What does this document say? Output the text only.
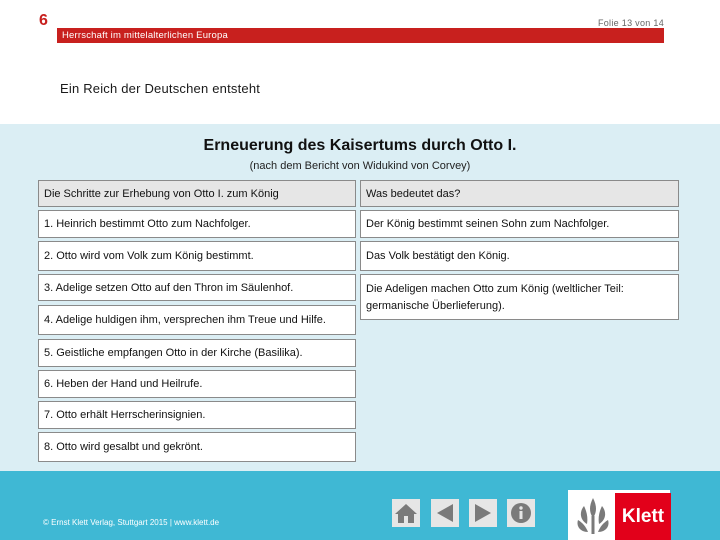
6	Folie 13 von 14
Herrschaft im mittelalterlichen Europa
Ein Reich der Deutschen entsteht
Erneuerung des Kaisertums durch Otto I.
(nach dem Bericht von Widukind von Corvey)
Die Schritte zur Erhebung von Otto I. zum König
1. Heinrich bestimmt Otto zum Nachfolger.
2. Otto wird vom Volk zum König bestimmt.
3. Adelige setzen Otto auf den Thron im Säulenhof.
4. Adelige huldigen ihm, versprechen ihm Treue und Hilfe.
5. Geistliche empfangen Otto in der Kirche (Basilika).
6. Heben der Hand und Heilrufe.
7. Otto erhält Herrscherinsignien.
8. Otto wird gesalbt und gekrönt.
Was bedeutet das?
Der König bestimmt seinen Sohn zum Nachfolger.
Das Volk bestätigt den König.
Die Adeligen machen Otto zum König (weltlicher Teil: germanische Überlieferung).
© Ernst Klett Verlag, Stuttgart 2015 | www.klett.de	Klett
